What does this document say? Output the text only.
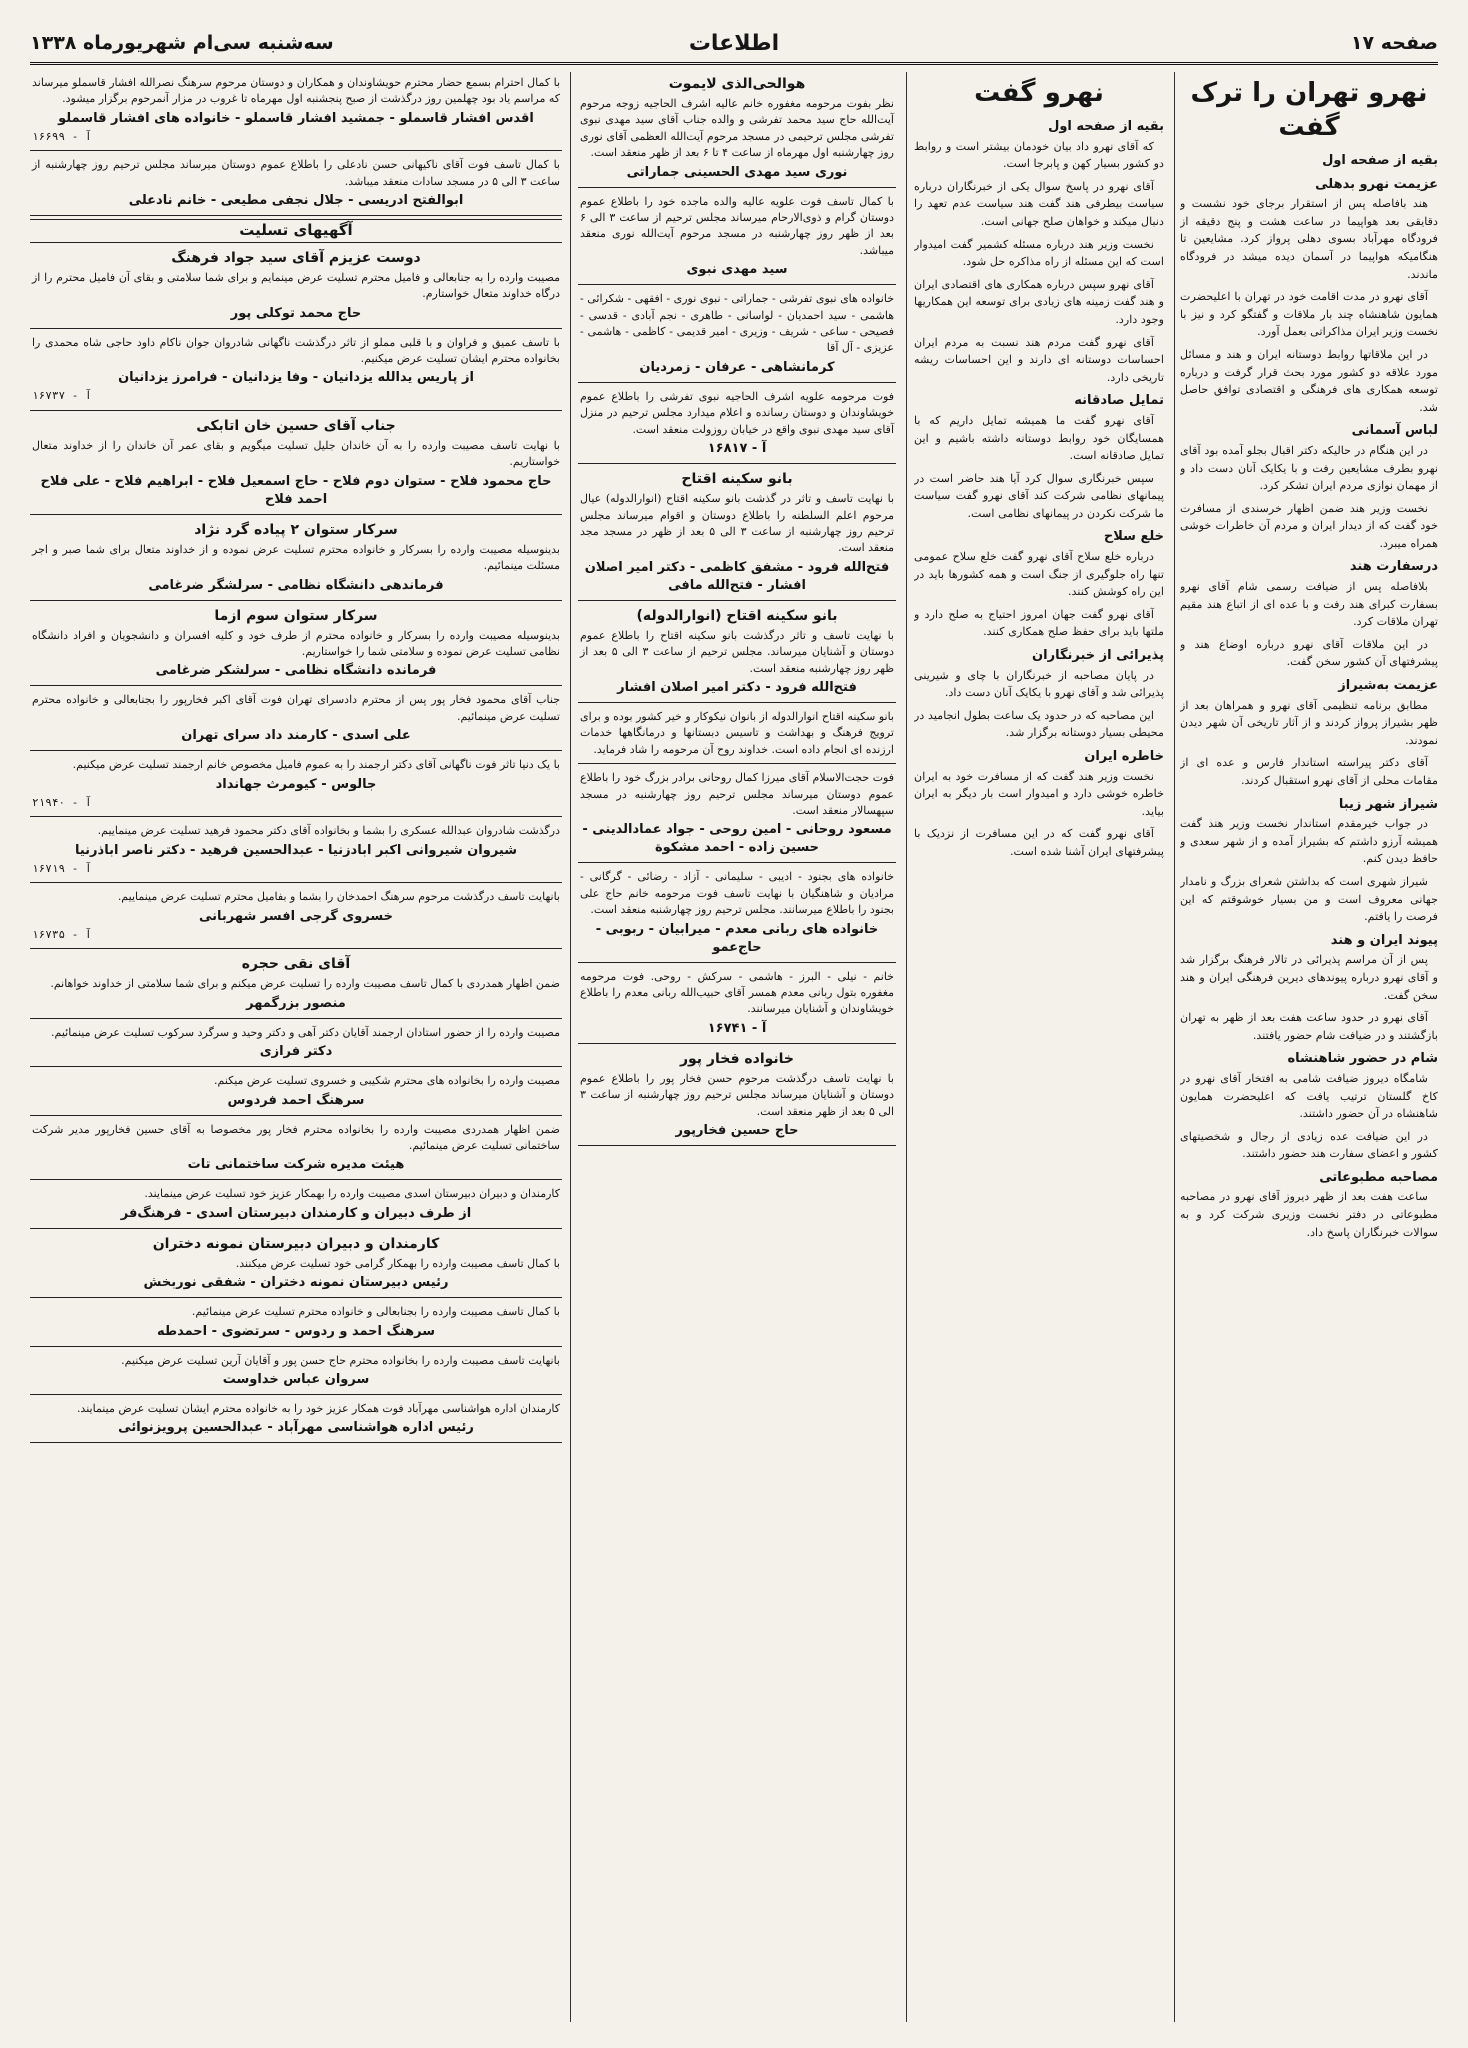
صفحه ۱۷
اطلاعات
سه‌شنبه سی‌ام شهریورماه ۱۳۳۸
نهرو تهران را ترک گفت
بقیه از صفحه اول
عزیمت نهرو بدهلی

هند بافاصله پس از استقرار برجای خود نشست و دقایقی بعد هواپیما در ساعت هشت و پنج دقیقه از فرودگاه مهرآباد بسوی دهلی پرواز کرد. مشایعین تا هنگامیکه هواپیما در آسمان دیده میشد در فرودگاه ماندند.

آقای نهرو در مدت اقامت خود در تهران با اعلیحضرت همایون شاهنشاه چند بار ملاقات و گفتگو کرد و نیز با نخست وزیر ایران مذاکراتی بعمل آورد.

در این ملاقاتها روابط دوستانه ایران و هند و مسائل مورد علاقه دو کشور مورد بحث قرار گرفت و درباره توسعه همکاری های فرهنگی و اقتصادی توافق حاصل شد.

لباس آسمانی

در این هنگام در حالیکه دکتر اقبال بجلو آمده بود آقای نهرو بطرف مشایعین رفت و با یکایک آنان دست داد و از مهمان نوازی مردم ایران تشکر کرد.

نخست وزیر هند ضمن اظهار خرسندی از مسافرت خود گفت که از دیدار ایران و مردم آن خاطرات خوشی همراه میبرد.

درسفارت هند

بلافاصله پس از ضیافت رسمی شام آقای نهرو بسفارت کبرای هند رفت و با عده ای از اتباع هند مقیم تهران ملاقات کرد.

در این ملاقات آقای نهرو درباره اوضاع هند و پیشرفتهای آن کشور سخن گفت.

عزیمت به‌شیراز

مطابق برنامه تنظیمی آقای نهرو و همراهان بعد از ظهر بشیراز پرواز کردند و از آثار تاریخی آن شهر دیدن نمودند.

آقای دکتر پیراسته استاندار فارس و عده ای از مقامات محلی از آقای نهرو استقبال کردند.

شیراز شهر زیبا

در جواب خیرمقدم استاندار نخست وزیر هند گفت همیشه آرزو داشتم که بشیراز آمده و از شهر سعدی و حافظ دیدن کنم.

شیراز شهری است که بداشتن شعرای بزرگ و نامدار جهانی معروف است و من بسیار خوشوقتم که این فرصت را یافتم.

پیوند ایران و هند

پس از آن مراسم پذیرائی در تالار فرهنگ برگزار شد و آقای نهرو درباره پیوندهای دیرین فرهنگی ایران و هند سخن گفت.

آقای نهرو در حدود ساعت هفت بعد از ظهر به تهران بازگشتند و در ضیافت شام حضور یافتند.

شام در حضور شاهنشاه

شامگاه دیروز ضیافت شامی به افتخار آقای نهرو در کاخ گلستان ترتیب یافت که اعلیحضرت همایون شاهنشاه در آن حضور داشتند.

در این ضیافت عده زیادی از رجال و شخصیتهای کشور و اعضای سفارت هند حضور داشتند.

مصاحبه مطبوعاتی

ساعت هفت بعد از ظهر دیروز آقای نهرو در مصاحبه مطبوعاتی در دفتر نخست وزیری شرکت کرد و به سوالات خبرنگاران پاسخ داد.

نهرو گفت
بقیه از صفحه اول

که آقای نهرو داد بیان خودمان بیشتر است و روابط دو کشور بسیار کهن و پابرجا است.

آقای نهرو در پاسخ سوال یکی از خبرنگاران درباره سیاست بیطرفی هند گفت هند سیاست عدم تعهد را دنبال میکند و خواهان صلح جهانی است.

نخست وزیر هند درباره مسئله کشمیر گفت امیدوار است که این مسئله از راه مذاکره حل شود.

آقای نهرو سپس درباره همکاری های اقتصادی ایران و هند گفت زمینه های زیادی برای توسعه این همکاریها وجود دارد.

آقای نهرو گفت مردم هند نسبت به مردم ایران احساسات دوستانه ای دارند و این احساسات ریشه تاریخی دارد.

تمایل صادقانه

آقای نهرو گفت ما همیشه تمایل داریم که با همسایگان خود روابط دوستانه داشته باشیم و این تمایل صادقانه است.

سپس خبرنگاری سوال کرد آیا هند حاضر است در پیمانهای نظامی شرکت کند آقای نهرو گفت سیاست ما شرکت نکردن در پیمانهای نظامی است.

خلع سلاح

درباره خلع سلاح آقای نهرو گفت خلع سلاح عمومی تنها راه جلوگیری از جنگ است و همه کشورها باید در این راه کوشش کنند.

آقای نهرو گفت جهان امروز احتیاج به صلح دارد و ملتها باید برای حفظ صلح همکاری کنند.

پذیرائی از خبرنگاران

در پایان مصاحبه از خبرنگاران با چای و شیرینی پذیرائی شد و آقای نهرو با یکایک آنان دست داد.

این مصاحبه که در حدود یک ساعت بطول انجامید در محیطی بسیار دوستانه برگزار شد.

خاطره ایران

نخست وزیر هند گفت که از مسافرت خود به ایران خاطره خوشی دارد و امیدوار است بار دیگر به ایران بیاید.

آقای نهرو گفت که در این مسافرت از نزدیک با پیشرفتهای ایران آشنا شده است.

هوالحی‌الذی لایموت
نظر بفوت مرحومه مغفوره خانم عالیه اشرف الحاجیه زوجه مرحوم آیت‌الله حاج سید محمد تفرشی و والده جناب آقای سید مهدی نبوی تفرشی مجلس ترحیمی در مسجد مرحوم آیت‌الله العظمی آقای نوری روز چهارشنبه اول مهرماه از ساعت ۴ تا ۶ بعد از ظهر منعقد است.
نوری سید مهدی الحسینی جماراتی
با کمال تاسف فوت علویه عالیه والده ماجده خود را باطلاع عموم دوستان گرام و ذوی‌الارحام میرساند مجلس ترحیم از ساعت ۳ الی ۶ بعد از ظهر روز چهارشنبه در مسجد مرحوم آیت‌الله نوری منعقد میباشد.
سید مهدی نبوی
خانواده های نبوی تفرشی - جماراتی - نبوی نوری - افقهی - شکرائی - هاشمی - سید احمدیان - لواسانی - طاهری - نجم آبادی - قدسی - فصیحی - ساعی - شریف - وزیری - امیر قدیمی - کاظمی - هاشمی - عزیزی - آل آقا
کرمانشاهی - عرفان - زمردیان
فوت مرحومه علویه اشرف الحاجیه نبوی تفرشی را باطلاع عموم خویشاوندان و دوستان رسانده و اعلام میدارد مجلس ترحیم در منزل آقای سید مهدی نبوی واقع در خیابان روزولت منعقد است.
آ - ۱۶۸۱۷
بانو سکینه اقتاح
با نهایت تاسف و تاثر در گذشت بانو سکینه اقتاح (انوارالدوله) عیال مرحوم اعلم السلطنه را باطلاع دوستان و اقوام میرساند مجلس ترحیم روز چهارشنبه از ساعت ۳ الی ۵ بعد از ظهر در مسجد مجد منعقد است.
فتح‌الله فرود - مشفق کاظمی - دکتر امیر اصلان افشار - فتح‌الله مافی
بانو سکینه اقتاح (انوارالدوله)
با نهایت تاسف و تاثر درگذشت بانو سکینه اقتاح را باطلاع عموم دوستان و آشنایان میرساند. مجلس ترحیم از ساعت ۳ الی ۵ بعد از ظهر روز چهارشنبه منعقد است.
فتح‌الله فرود - دکتر امیر اصلان افشار
بانو سکینه اقتاح انوارالدوله از بانوان نیکوکار و خیر کشور بوده و برای ترویج فرهنگ و بهداشت و تاسیس دبستانها و درمانگاهها خدمات ارزنده ای انجام داده است. خداوند روح آن مرحومه را شاد فرماید.
فوت حجت‌الاسلام آقای میرزا کمال روحانی برادر بزرگ خود را باطلاع عموم دوستان میرساند مجلس ترحیم روز چهارشنبه در مسجد سپهسالار منعقد است.
مسعود روحانی - امین روحی - جواد عمادالدینی - حسین زاده - احمد مشکوة
خانواده های بجنود - ادیبی - سلیمانی - آزاد - رضائی - گرگانی - مرادیان و شاهنگیان با نهایت تاسف فوت مرحومه خانم حاج علی بجنود را باطلاع میرسانند. مجلس ترحیم روز چهارشنبه منعقد است.
خانواده های ربانی معدم - میرابیان - ربوبی - حاج‌عمو
خانم - نیلی - البرز - هاشمی - سرکش - روحی. فوت مرحومه مغفوره بتول ربانی معدم همسر آقای حبیب‌الله ربانی معدم را باطلاع خویشاوندان و آشنایان میرسانند.
آ - ۱۶۷۴۱
خانواده فخار پور
با نهایت تاسف درگذشت مرحوم حسن فخار پور را باطلاع عموم دوستان و آشنایان میرساند مجلس ترحیم روز چهارشنبه از ساعت ۳ الی ۵ بعد از ظهر منعقد است.
حاج حسین فخارپور
با کمال احترام بسمع حضار محترم حویشاوندان و همکاران و دوستان مرحوم سرهنگ نصرالله افشار قاسملو میرساند که مراسم یاد بود چهلمین روز درگذشت از صبح پنجشنبه اول مهرماه تا غروب در مزار آنمرحوم برگزار میشود.
اقدس افشار قاسملو - جمشید افشار قاسملو - خانواده های افشار قاسملو
آ - ۱۶۶۹۹
با کمال تاسف فوت آقای ناکیهانی حسن نادعلی را باطلاع عموم دوستان میرساند مجلس ترحیم روز چهارشنبه از ساعت ۳ الی ۵ در مسجد سادات منعقد میباشد.
ابوالفتح ادریسی - جلال نجفی مطیعی - خانم نادعلی
آگهیهای تسلیت
دوست عزیزم آقای سید جواد فرهنگ
مصیبت وارده را به جنابعالی و فامیل محترم تسلیت عرض مینمایم و برای شما سلامتی و بقای آن فامیل محترم را از درگاه خداوند متعال خواستارم.
حاج محمد توکلی پور
با تاسف عمیق و فراوان و با قلبی مملو از تاثر درگذشت ناگهانی شادروان جوان ناکام داود حاجی شاه محمدی را بخانواده محترم ایشان تسلیت عرض میکنیم.
از پاریس یدالله یزدانیان - وفا یزدانیان - فرامرز یزدانیان
آ - ۱۶۷۳۷
جناب آقای حسین خان اتابکی
با نهایت تاسف مصیبت وارده را به آن خاندان جلیل تسلیت میگویم و بقای عمر آن خاندان را از خداوند متعال خواستاریم.
حاج محمود فلاح - ستوان دوم فلاح - حاج اسمعیل فلاح - ابراهیم فلاح - علی فلاح احمد فلاح
سرکار ستوان ۲ پیاده گرد نژاد
بدینوسیله مصیبت وارده را بسرکار و خانواده محترم تسلیت عرض نموده و از خداوند متعال برای شما صبر و اجر مسئلت مینمائیم.
فرماندهی دانشگاه نظامی - سرلشگر ضرغامی
سرکار ستوان سوم ازما
بدینوسیله مصیبت وارده را بسرکار و خانواده محترم از طرف خود و کلیه افسران و دانشجویان و افراد دانشگاه نظامی تسلیت عرض نموده و سلامتی شما را خواستاریم.
فرمانده دانشگاه نظامی - سرلشکر ضرغامی
جناب آقای محمود فخار پور پس از محترم دادسرای تهران فوت آقای اکبر فخارپور را بجنابعالی و خانواده محترم تسلیت عرض مینمائیم.
علی اسدی - کارمند داد سرای تهران
با یک دنیا تاثر فوت ناگهانی آقای دکتر ارجمند را به عموم فامیل مخصوص خانم ارجمند تسلیت عرض میکنیم.
جالوس - کیومرث جهانداد
آ - ۲۱۹۴۰
درگذشت شادروان عبدالله عسکری را بشما و بخانواده آقای دکتر محمود فرهید تسلیت عرض مینماییم.
شیروان شیروانی اکبر ابادزنیا - عبدالحسین فرهید - دکتر ناصر اباذرنیا
آ - ۱۶۷۱۹
بانهایت تاسف درگذشت مرحوم سرهنگ احمدخان را بشما و بفامیل محترم تسلیت عرض مینماییم.
خسروی گرجی افسر شهربانی
آ - ۱۶۷۳۵
آقای نقی حجره
ضمن اظهار همدردی با کمال تاسف مصیبت وارده را تسلیت عرض میکنم و برای شما سلامتی از خداوند خواهانم.
منصور بزرگمهر
مصیبت وارده را از حضور استادان ارجمند آقایان دکتر آهی و دکتر وحید و سرگرد سرکوب تسلیت عرض مینمائیم.
دکتر فرازی
مصیبت وارده را بخانواده های محترم شکیبی و خسروی تسلیت عرض میکنم.
سرهنگ احمد فردوس
ضمن اظهار همدردی مصیبت وارده را بخانواده محترم فخار پور مخصوصا به آقای حسین فخارپور مدیر شرکت ساختمانی تسلیت عرض مینمائیم.
هیئت مدیره شرکت ساختمانی تات
کارمندان و دبیران دبیرستان اسدی مصیبت وارده را بهمکار عزیز خود تسلیت عرض مینمایند.
از طرف دبیران و کارمندان دبیرستان اسدی - فرهنگ‌فر
کارمندان و دبیران دبیرستان نمونه دختران
با کمال تاسف مصیبت وارده را بهمکار گرامی خود تسلیت عرض میکنند.
رئیس دبیرستان نمونه دختران - شفقی نوربخش
با کمال تاسف مصیبت وارده را بجنابعالی و خانواده محترم تسلیت عرض مینمائیم.
سرهنگ احمد و ردوس - سرتضوی - احمدطه
بانهایت تاسف مصیبت وارده را بخانواده محترم حاج حسن پور و آقایان آرین تسلیت عرض میکنیم.
سروان عباس خداوست
کارمندان اداره هواشناسی مهرآباد فوت همکار عزیز خود را به خانواده محترم ایشان تسلیت عرض مینمایند.
رئیس اداره هواشناسی مهرآباد - عبدالحسین پرویزنوائی
